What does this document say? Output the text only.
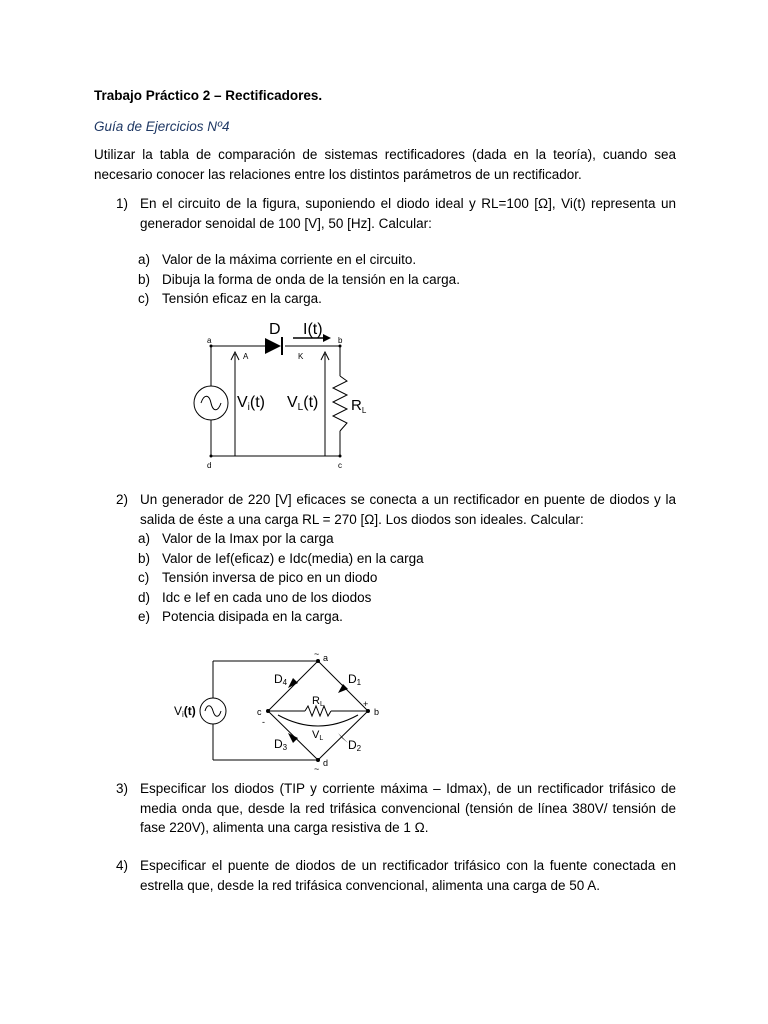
Trabajo Práctico 2 – Rectificadores.
Guía de Ejercicios Nº4
Utilizar la tabla de comparación de sistemas rectificadores (dada en la teoría), cuando sea necesario conocer las relaciones entre los distintos parámetros de un rectificador.
1) En el circuito de la figura, suponiendo el diodo ideal y RL=100 [Ω], Vi(t) representa un generador senoidal de 100 [V], 50 [Hz]. Calcular:
a) Valor de la máxima corriente en el circuito.
b) Dibuja la forma de onda de la tensión en la carga.
c) Tensión eficaz en la carga.
D I(t)
a	b
c
d
A	K
Vi(t) VL(t) $R_L$
2) Un generador de 220 [V] eficaces se conecta a un rectificador en puente de diodos y la salida de éste a una carga RL = 270 [Ω]. Los diodos son ideales. Calcular:
a) Valor de la Imax por la carga
b) Valor de Ief(eficaz) e Idc(media) en la carga
c) Tensión inversa de pico en un diodo
d) Idc e Ief en cada uno de los diodos
e) Potencia disipada en la carga.
Vi(t)
D4	D1
D3	D2
RL
VL
~ a
c
+
b
d
~
-
3) Especificar los diodos (TIP y corriente máxima – Idmax), de un rectificador trifásico de media onda que, desde la red trifásica convencional (tensión de línea 380V/ tensión de fase 220V), alimenta una carga resistiva de 1 Ω.
4) Especificar el puente de diodos de un rectificador trifásico con la fuente conectada en estrella que, desde la red trifásica convencional, alimenta una carga de 50 A.
